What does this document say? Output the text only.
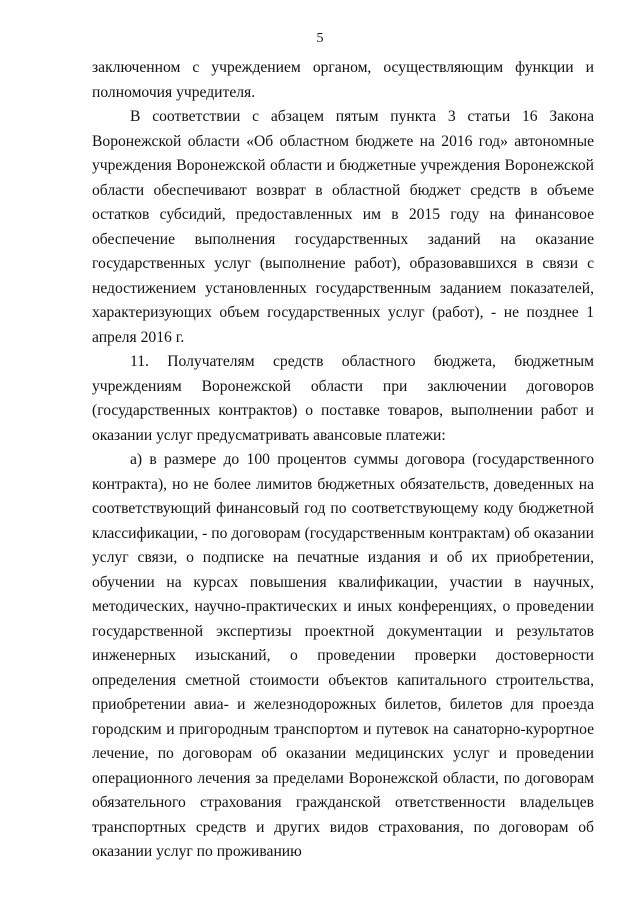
5

заключенном с учреждением органом, осуществляющим функции и полномочия учредителя.

В соответствии с абзацем пятым пункта 3 статьи 16 Закона Воронежской области «Об областном бюджете на 2016 год» автономные учреждения Воронежской области и бюджетные учреждения Воронежской области обеспечивают возврат в областной бюджет средств в объеме остатков субсидий, предоставленных им в 2015 году на финансовое обеспечение выполнения государственных заданий на оказание государственных услуг (выполнение работ), образовавшихся в связи с недостижением установленных государственным заданием показателей, характеризующих объем государственных услуг (работ), - не позднее 1 апреля 2016 г.

11. Получателям средств областного бюджета, бюджетным учреждениям Воронежской области при заключении договоров (государственных контрактов) о поставке товаров, выполнении работ и оказании услуг предусматривать авансовые платежи:

а) в размере до 100 процентов суммы договора (государственного контракта), но не более лимитов бюджетных обязательств, доведенных на соответствующий финансовый год по соответствующему коду бюджетной классификации, - по договорам (государственным контрактам) об оказании услуг связи, о подписке на печатные издания и об их приобретении, обучении на курсах повышения квалификации, участии в научных, методических, научно-практических и иных конференциях, о проведении государственной экспертизы проектной документации и результатов инженерных изысканий, о проведении проверки достоверности определения сметной стоимости объектов капитального строительства, приобретении авиа- и железнодорожных билетов, билетов для проезда городским и пригородным транспортом и путевок на санаторно-курортное лечение, по договорам об оказании медицинских услуг и проведении операционного лечения за пределами Воронежской области, по договорам обязательного страхования гражданской ответственности владельцев транспортных средств и других видов страхования, по договорам об оказании услуг по проживанию
